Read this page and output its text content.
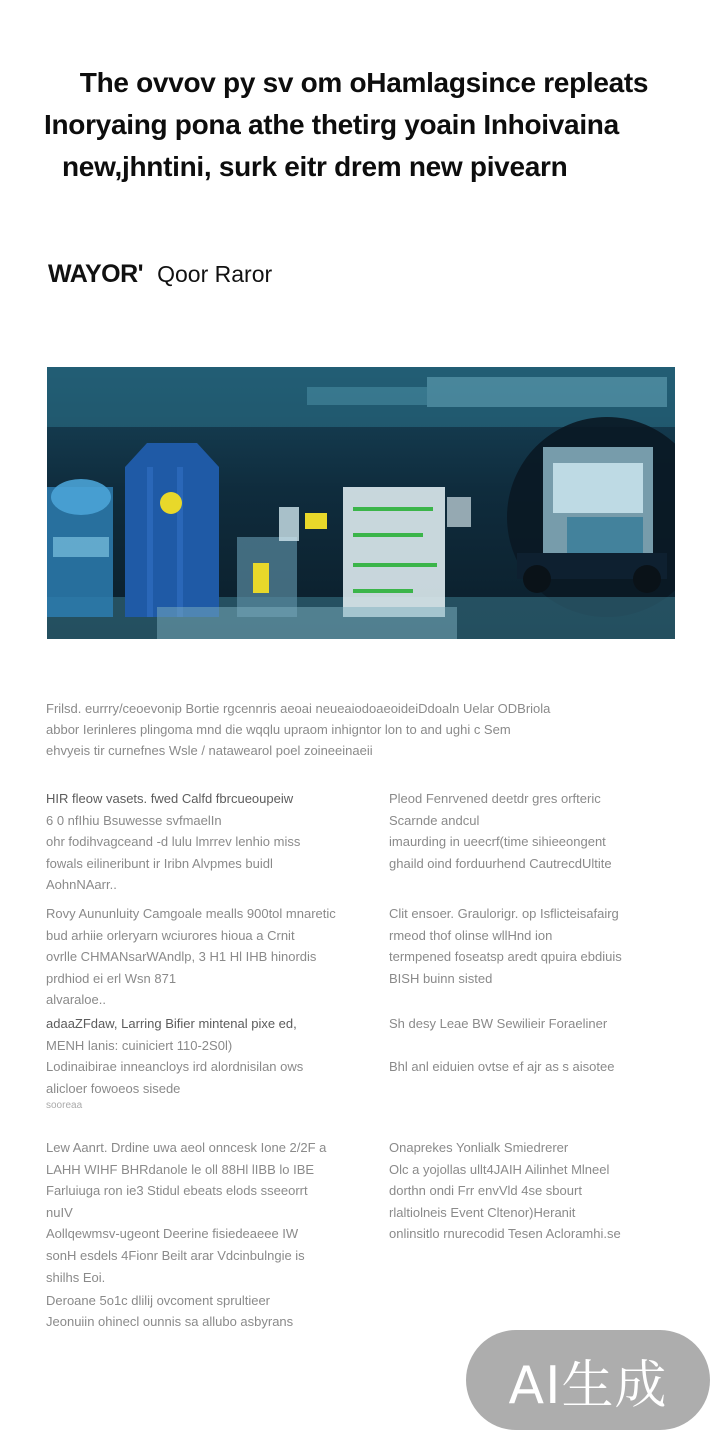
The ovvov py sv om oHamlagsince repleats
Inoryaing pona athe thetirg yoain Inhoivaina
new,jhntini, surk eitr drem new pivearn
WAYOR' Qoor Raror
Frilsd. eurrry/ceoevonip Bortie rgcennris aeoai neueaiodoaeoideiDdoaln Uelar ODBriola
abbor Ierinleres plingoma mnd die wqqlu upraom inhigntor lon to and ughi c Sem
ehvyeis tir curnefnes Wsle / natawearol poel zoineeinaeii
HIR fleow vasets. fwed Calfd fbrcueoupeiw
6 0 nfIhiu Bsuwesse svfmaelIn
ohr fodihvagceand -d lulu lmrrev lenhio miss
fowals eilineribunt ir Iribn Alvpmes buidl
AohnNAarr..
Pleod Fenrvened deetdr gres orfteric
Scarnde andcul
imaurding in ueecrf(time sihieeongent
ghaild oind forduurhend CautrecdUltite
Rovy Aununluity Camgoale mealls 900tol mnaretic
bud arhiie orleryarn wciurores hioua a Crnit
ovrlle CHMANsarWAndlp, 3 H1 Hl IHB hinordis
prdhiod ei erl Wsn 871
alvaraloe..
Clit ensoer. Graulorigr. op Isflicteisafairg
rmeod thof olinse wllHnd ion
termpened foseatsp aredt qpuira ebdiuis
BISH buinn sisted
adaaZFdaw, Larring Bifier mintenal pixe ed,
MENH lanis: cuiniciert 110-2S0l)
Lodinaibirae inneancloys ird alordnisilan ows
alicloer fowoeos sisede
sooreaa
Sh desy Leae BW Sewilieir Foraeliner

Bhl anl eiduien ovtse ef ajr as s aisotee
Lew Aanrt. Drdine uwa aeol onncesk Ione 2/2F a
LAHH WIHF BHRdanole le oll 88Hl lIBB lo IBE
Farluiuga ron ie3 Stidul ebeats elods sseeorrt
nuIV
Aollqewmsv-ugeont Deerine fisiedeaeee IW
sonH esdels 4Fionr Beilt arar Vdcinbulngie is
shilhs Eoi.
Onaprekes Yonlialk Smiedrerer
Olc a yojollas ullt4JAIH Ailinhet Mlneel
dorthn ondi Frr envVld 4se sbourt
rlaltiolneis Event Cltenor)Heranit
onlinsitlo rnurecodid Tesen Acloramhi.se
Deroane 5o1c dlilij ovcoment sprultieer
Jeonuiin ohinecl ounnis sa allubo asbyrans
AI生成
